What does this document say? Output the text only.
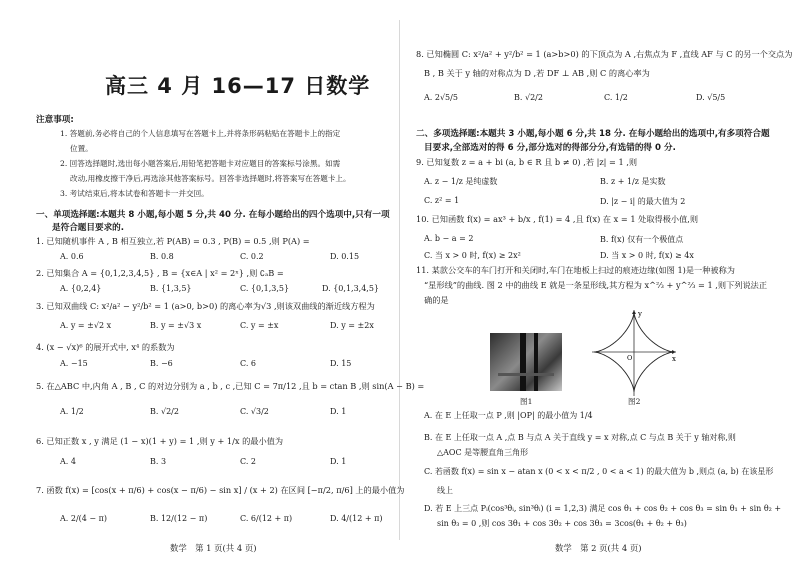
高三 4 月 16—17 日数学
注意事项:
1. 答题前,务必将自己的个人信息填写在答题卡上,并将条形码粘贴在答题卡上的指定
位置。
2. 回答选择题时,选出每小题答案后,用铅笔把答题卡对应题目的答案标号涂黑。如需
改动,用橡皮擦干净后,再选涂其他答案标号。回答非选择题时,将答案写在答题卡上。
3. 考试结束后,将本试卷和答题卡一并交回。
一、单项选择题:本题共 8 小题,每小题 5 分,共 40 分. 在每小题给出的四个选项中,只有一项
是符合题目要求的.
1. 已知随机事件 A , B 相互独立,若 P(AB) = 0.3 , P(B) = 0.5 ,则 P(A) =
A. 0.6	B. 0.8	C. 0.2	D. 0.15
2. 已知集合 A = {0,1,2,3,4,5} , B = {x∈A | x² = 2ˣ} ,则 ∁ₐB =
A. {0,2,4}	B. {1,3,5}	C. {0,1,3,5}	D. {0,1,3,4,5}
3. 已知双曲线 C: x²/a² − y²/b² = 1 (a>0, b>0) 的离心率为√3 ,则该双曲线的渐近线方程为
A. y = ±√2 x	B. y = ±√3 x	C. y = ±x	D. y = ±2x
4. (x − √x)⁶ 的展开式中, x⁴ 的系数为
A. −15	B. −6	C. 6	D. 15
5. 在△ABC 中,内角 A , B , C 的对边分别为 a , b , c ,已知 C = 7π/12 ,且 b = ctan B ,则 sin(A − B) =
A. 1/2	B. √2/2	C. √3/2	D. 1
6. 已知正数 x , y 满足 (1 − x)(1 + y) = 1 ,则 y + 1/x 的最小值为
A. 4	B. 3	C. 2	D. 1
7. 函数 f(x) = [cos(x + π/6) + cos(x − π/6) − sin x] / (x + 2) 在区间 [−π/2, π/6] 上的最小值为
A. 2/(4 − π)	B. 12/(12 − π)	C. 6/(12 + π)	D. 4/(12 + π)
数学　第 1 页(共 4 页)
8. 已知椭圆 C: x²/a² + y²/b² = 1 (a>b>0) 的下顶点为 A ,右焦点为 F ,直线 AF 与 C 的另一个交点为
B , B 关于 y 轴的对称点为 D ,若 DF ⊥ AB ,则 C 的离心率为
A. 2√5/5	B. √2/2	C. 1/2	D. √5/5
二、多项选择题:本题共 3 小题,每小题 6 分,共 18 分. 在每小题给出的选项中,有多项符合题
目要求,全部选对的得 6 分,部分选对的得部分分,有选错的得 0 分.
9. 已知复数 z = a + bi (a, b ∈ R 且 b ≠ 0) ,若 |z| = 1 ,则
A. z − 1/z 是纯虚数	B. z + 1/z 是实数
C. z² = 1	D. |z − i| 的最大值为 2
10. 已知函数 f(x) = ax³ + b/x , f(1) = 4 ,且 f(x) 在 x = 1 处取得极小值,则
A. b − a = 2	B. f(x) 仅有一个极值点
C. 当 x > 0 时, f(x) ≥ 2x²	D. 当 x > 0 时, f(x) ≥ 4x
11. 某款公交车的车门打开和关闭时,车门在地板上扫过的痕迹边缘(如图 1)是一种被称为
“星形线”的曲线. 图 2 中的曲线 E 就是一条星形线,其方程为 x^⅔ + y^⅔ = 1 ,则下列说法正
确的是
图1
x
y
O
图2
A. 在 E 上任取一点 P ,则 |OP| 的最小值为 1/4
B. 在 E 上任取一点 A ,点 B 与点 A 关于直线 y = x 对称,点 C 与点 B 关于 y 轴对称,则
△AOC 是等腰直角三角形
C. 若函数 f(x) = sin x − atan x (0 < x < π/2 , 0 < a < 1) 的最大值为 b ,则点 (a, b) 在该星形
线上
D. 若 E 上三点 Pᵢ(cos³θᵢ, sin³θᵢ) (i = 1,2,3) 满足 cos θ₁ + cos θ₂ + cos θ₃ = sin θ₁ + sin θ₂ +
sin θ₃ = 0 ,则 cos 3θ₁ + cos 3θ₂ + cos 3θ₃ = 3cos(θ₁ + θ₂ + θ₃)
数学　第 2 页(共 4 页)
